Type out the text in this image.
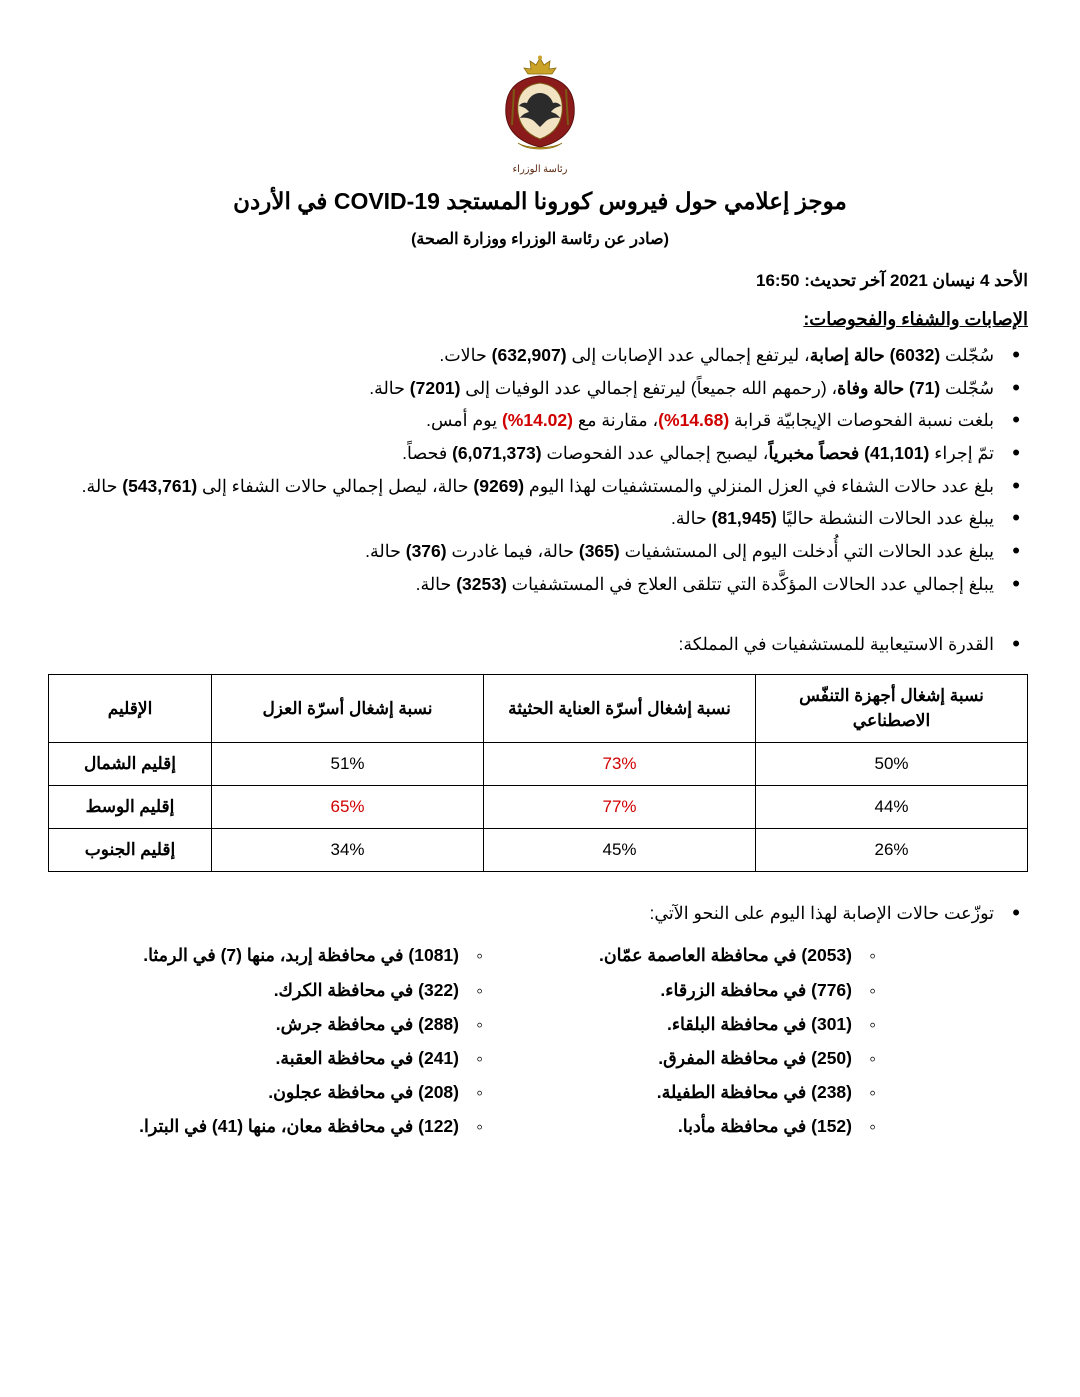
رئاسة الوزراء
موجز إعلامي حول فيروس كورونا المستجد COVID-19 في الأردن
(صادر عن رئاسة الوزراء ووزارة الصحة)
الأحد 4 نيسان 2021 آخر تحديث: 16:50
الإصابات والشفاء والفحوصات:
• سُجّلت (6032) حالة إصابة، ليرتفع إجمالي عدد الإصابات إلى (632,907) حالات.
• سُجّلت (71) حالة وفاة، (رحمهم الله جميعاً) ليرتفع إجمالي عدد الوفيات إلى (7201) حالة.
• بلغت نسبة الفحوصات الإيجابيّة قرابة (14.68%)، مقارنة مع (14.02%) يوم أمس.
• تمّ إجراء (41,101) فحصاً مخبرياً، ليصبح إجمالي عدد الفحوصات (6,071,373) فحصاً.
• بلغ عدد حالات الشفاء في العزل المنزلي والمستشفيات لهذا اليوم (9269) حالة، ليصل إجمالي حالات الشفاء إلى (543,761) حالة.
• يبلغ عدد الحالات النشطة حاليًا (81,945) حالة.
• يبلغ عدد الحالات التي أُدخلت اليوم إلى المستشفيات (365) حالة، فيما غادرت (376) حالة.
• يبلغ إجمالي عدد الحالات المؤكَّدة التي تتلقى العلاج في المستشفيات (3253) حالة.
• القدرة الاستيعابية للمستشفيات في المملكة:
نسبة إشغال أجهزة التنفّس الاصطناعي	نسبة إشغال أسرّة العناية الحثيثة	نسبة إشغال أسرّة العزل	الإقليم
50%	73%	51%	إقليم الشمال
44%	77%	65%	إقليم الوسط
26%	45%	34%	إقليم الجنوب
• توزّعت حالات الإصابة لهذا اليوم على النحو الآتي:
◦ (2053) في محافظة العاصمة عمّان.
◦ (776) في محافظة الزرقاء.
◦ (301) في محافظة البلقاء.
◦ (250) في محافظة المفرق.
◦ (238) في محافظة الطفيلة.
◦ (152) في محافظة مأدبا.
◦ (1081) في محافظة إربد، منها (7) في الرمثا.
◦ (322) في محافظة الكرك.
◦ (288) في محافظة جرش.
◦ (241) في محافظة العقبة.
◦ (208) في محافظة عجلون.
◦ (122) في محافظة معان، منها (41) في البترا.
